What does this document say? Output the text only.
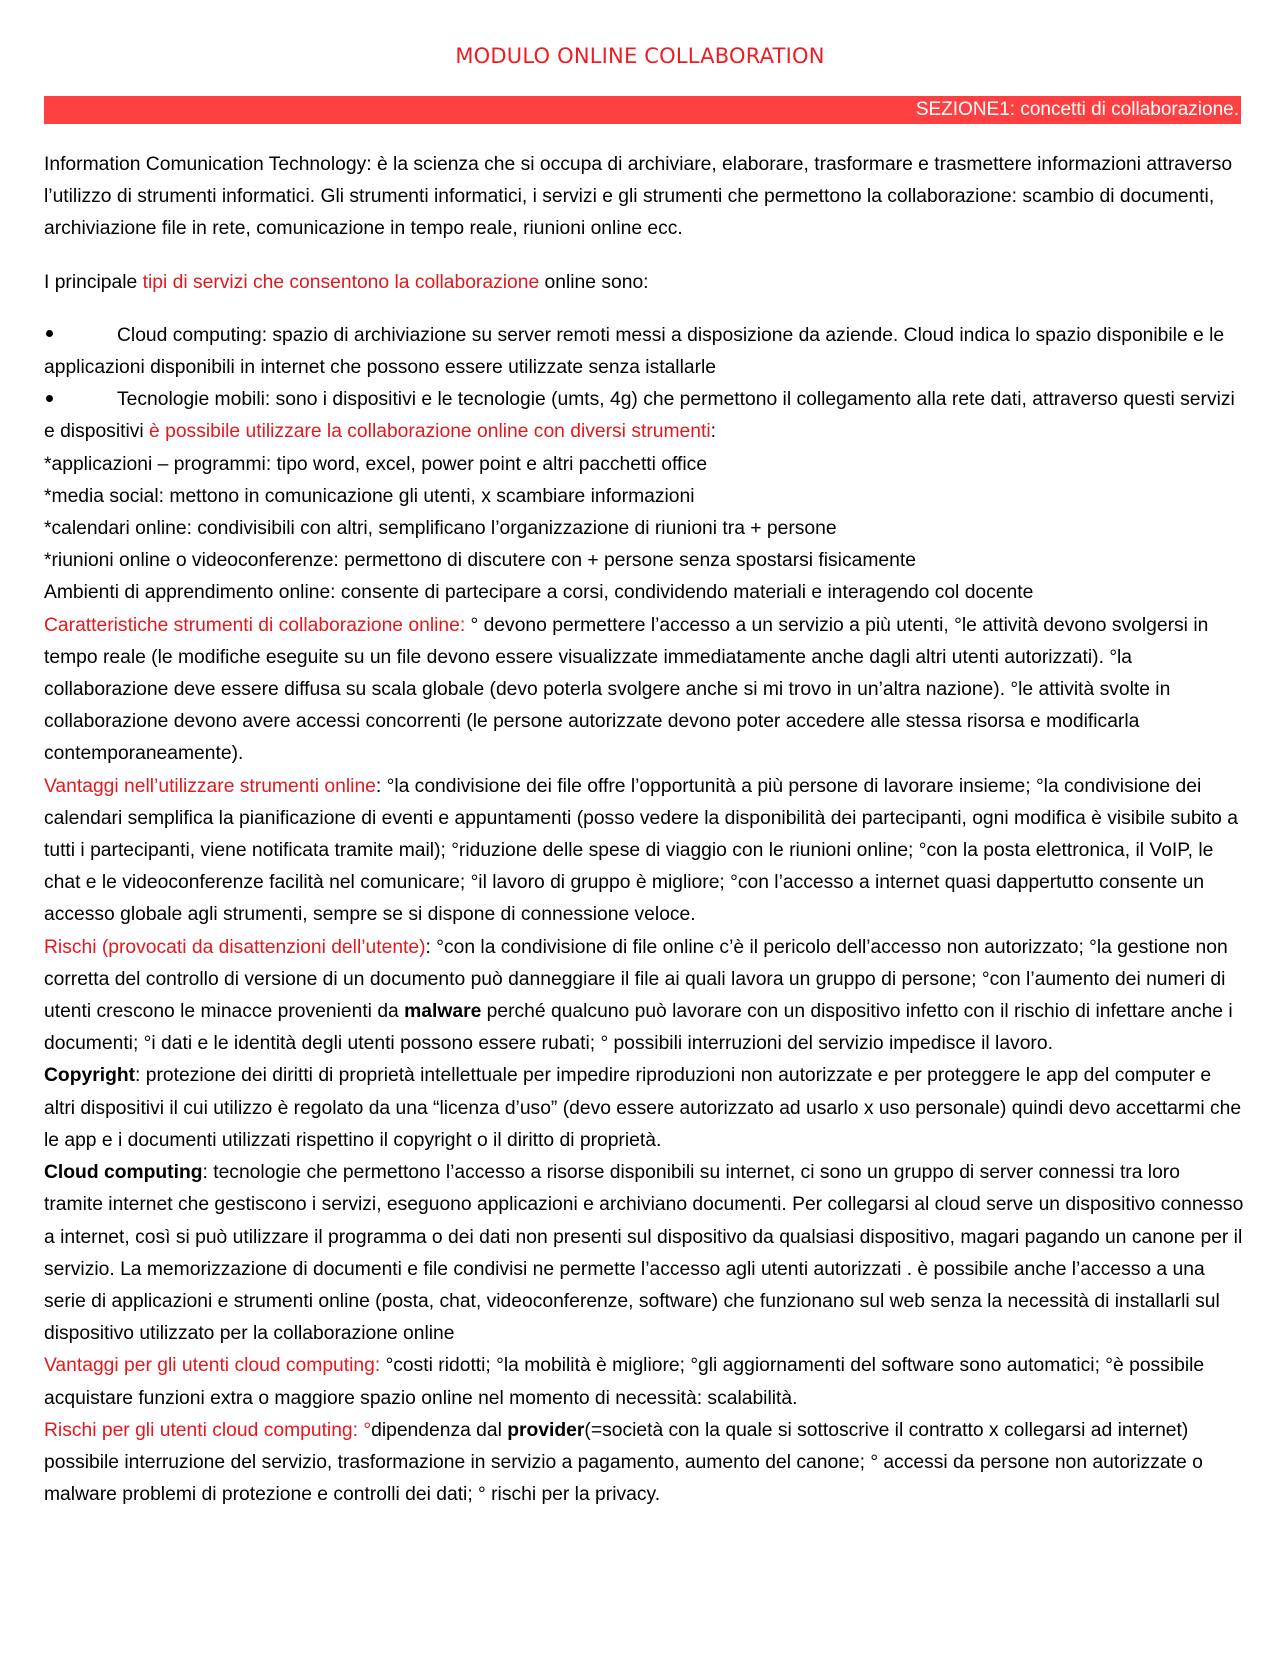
MODULO ONLINE COLLABORATION
SEZIONE1: concetti di collaborazione.

Information Comunication Technology: è la scienza che si occupa di archiviare, elaborare, trasformare e trasmettere informazioni attraverso l’utilizzo di strumenti informatici. Gli strumenti informatici, i servizi e gli strumenti che permettono la collaborazione: scambio di documenti, archiviazione file in rete, comunicazione in tempo reale, riunioni online ecc.

I principale tipi di servizi che consentono la collaborazione online sono:

Cloud computing: spazio di archiviazione su server remoti messi a disposizione da aziende. Cloud indica lo spazio disponibile e le applicazioni disponibili in internet che possono essere utilizzate senza istallarle

Tecnologie mobili: sono i dispositivi e le tecnologie (umts, 4g) che permettono il collegamento alla rete dati, attraverso questi servizi e dispositivi è possibile utilizzare la collaborazione online con diversi strumenti:

*applicazioni – programmi: tipo word, excel, power point e altri pacchetti office

*media social: mettono in comunicazione gli utenti, x scambiare informazioni

*calendari online: condivisibili con altri, semplificano l’organizzazione di riunioni tra + persone

*riunioni online o videoconferenze: permettono di discutere con + persone senza spostarsi fisicamente

Ambienti di apprendimento online: consente di partecipare a corsi, condividendo materiali e interagendo col docente

Caratteristiche strumenti di collaborazione online: ° devono permettere l’accesso a un servizio a più utenti, °le attività devono svolgersi in tempo reale (le modifiche eseguite su un file devono essere visualizzate immediatamente anche dagli altri utenti autorizzati). °la collaborazione deve essere diffusa su scala globale (devo poterla svolgere anche si mi trovo in un’altra nazione). °le attività svolte in collaborazione devono avere accessi concorrenti (le persone autorizzate devono poter accedere alle stessa risorsa e modificarla contemporaneamente).

Vantaggi nell’utilizzare strumenti online: °la condivisione dei file offre l’opportunità a più persone di lavorare insieme; °la condivisione dei calendari semplifica la pianificazione di eventi e appuntamenti (posso vedere la disponibilità dei partecipanti, ogni modifica è visibile subito a tutti i partecipanti, viene notificata tramite mail); °riduzione delle spese di viaggio con le riunioni online; °con la posta elettronica, il VoIP, le chat e le videoconferenze facilità nel comunicare; °il lavoro di gruppo è migliore; °con l’accesso a internet quasi dappertutto consente un accesso globale agli strumenti, sempre se si dispone di connessione veloce.

Rischi (provocati da disattenzioni dell’utente): °con la condivisione di file online c’è il pericolo dell’accesso non autorizzato; °la gestione non corretta del controllo di versione di un documento può danneggiare il file ai quali lavora un gruppo di persone; °con l’aumento dei numeri di utenti crescono le minacce provenienti da malware perché qualcuno può lavorare con un dispositivo infetto con il rischio di infettare anche i documenti; °i dati e le identità degli utenti possono essere rubati; ° possibili interruzioni del servizio impedisce il lavoro.

Copyright: protezione dei diritti di proprietà intellettuale per impedire riproduzioni non autorizzate e per proteggere le app del computer e altri dispositivi il cui utilizzo è regolato da una “licenza d’uso” (devo essere autorizzato ad usarlo x uso personale) quindi devo accettarmi che le app e i documenti utilizzati rispettino il copyright o il diritto di proprietà.

Cloud computing: tecnologie che permettono l’accesso a risorse disponibili su internet, ci sono un gruppo di server connessi tra loro tramite internet che gestiscono i servizi, eseguono applicazioni e archiviano documenti. Per collegarsi al cloud serve un dispositivo connesso a internet, così si può utilizzare il programma o dei dati non presenti sul dispositivo da qualsiasi dispositivo, magari pagando un canone per il servizio. La memorizzazione di documenti e file condivisi ne permette l’accesso agli utenti autorizzati . è possibile anche l’accesso a una serie di applicazioni e strumenti online (posta, chat, videoconferenze, software) che funzionano sul web senza la necessità di installarli sul dispositivo utilizzato per la collaborazione online

Vantaggi per gli utenti cloud computing: °costi ridotti; °la mobilità è migliore; °gli aggiornamenti del software sono automatici; °è possibile acquistare funzioni extra o maggiore spazio online nel momento di necessità: scalabilità.

Rischi per gli utenti cloud computing: °dipendenza dal provider(=società con la quale si sottoscrive il contratto x collegarsi ad internet) possibile interruzione del servizio, trasformazione in servizio a pagamento, aumento del canone; ° accessi da persone non autorizzate o malware problemi di protezione e controlli dei dati; ° rischi per la privacy.
